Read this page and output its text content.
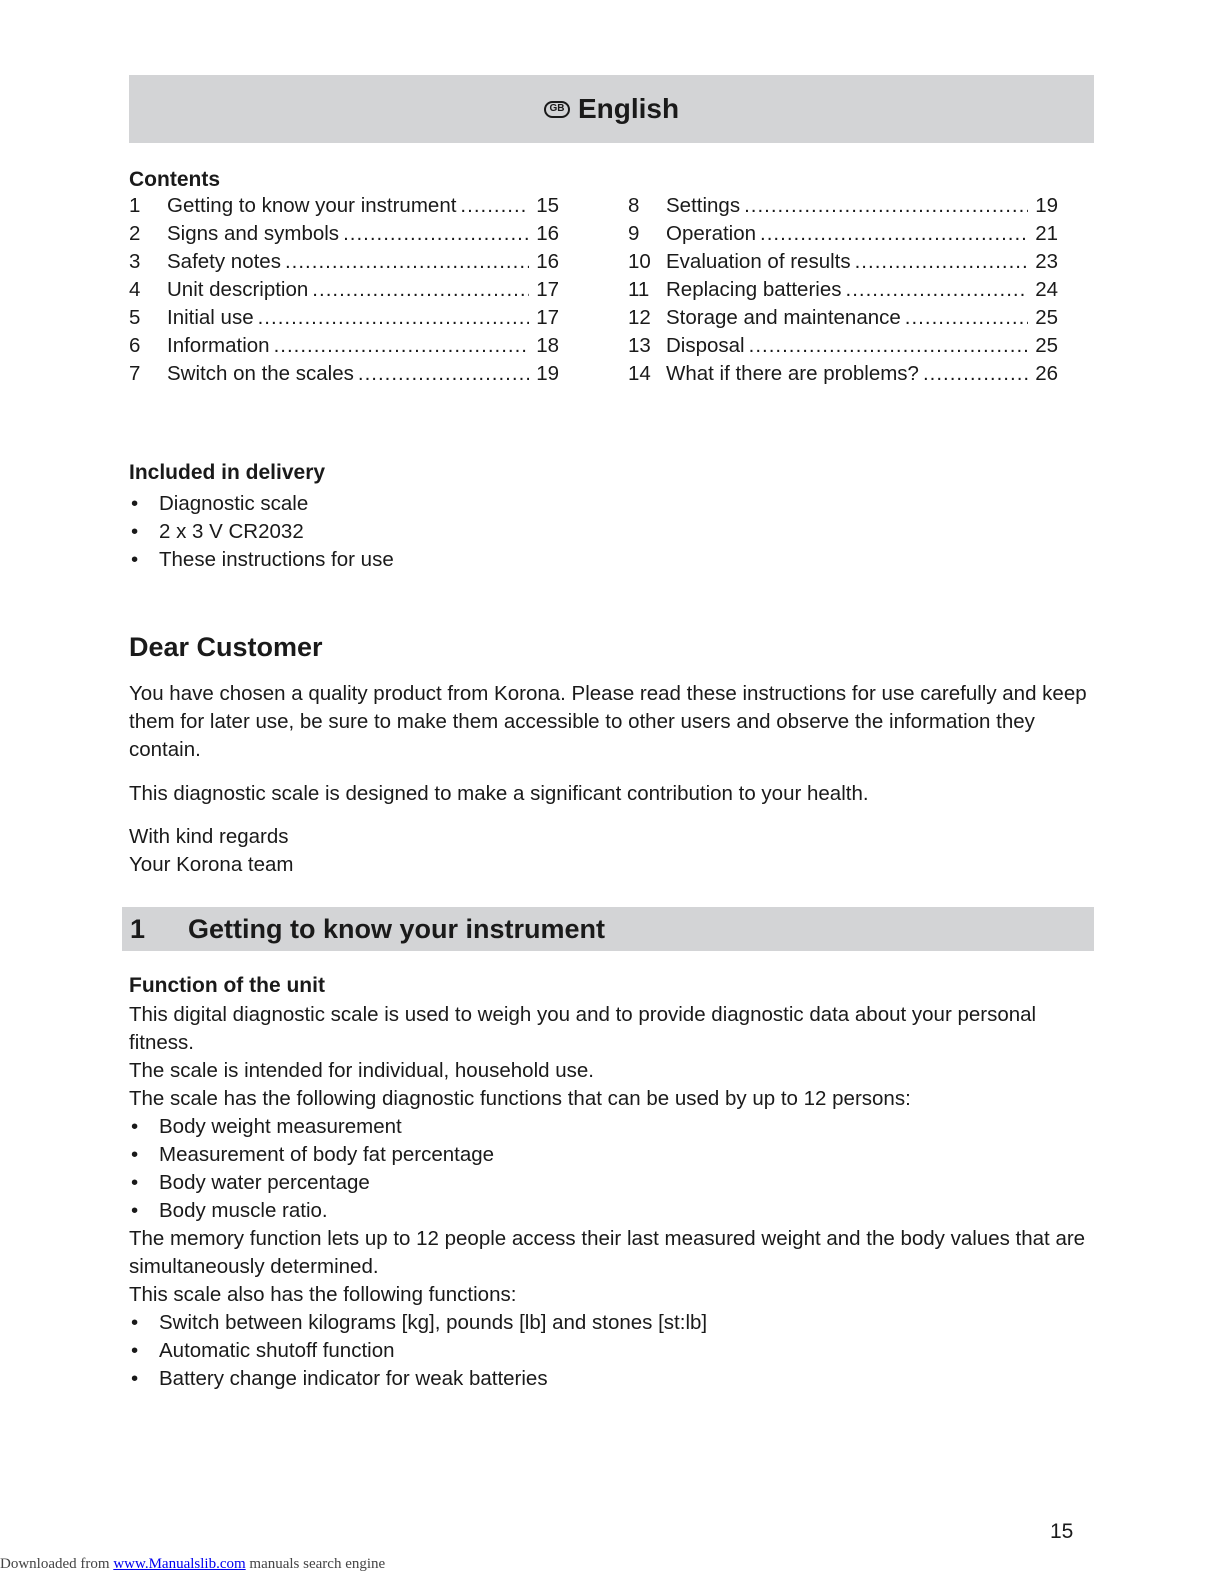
GB English
Contents
1	Getting to know your instrument .....	15
2	Signs and symbols .....	16
3	Safety notes .....	16
4	Unit description .....	17
5	Initial use .....	17
6	Information .....	18
7	Switch on the scales .....	19
8	Settings .....	19
9	Operation .....	21
10 Evaluation of results .....	23
11 Replacing batteries .....	24
12 Storage and maintenance .....	25
13 Disposal .....	25
14 What if there are problems? .....	26
Included in delivery
• Diagnostic scale
• 2 x 3 V CR2032
• These instructions for use
Dear Customer

You have chosen a quality product from Korona. Please read these instructions for use carefully and keep them for later use, be sure to make them accessible to other users and observe the information they contain.

This diagnostic scale is designed to make a significant contribution to your health.

With kind regards

Your Korona team

1	Getting to know your instrument
Function of the unit

This digital diagnostic scale is used to weigh you and to provide diagnostic data about your personal fitness.

The scale is intended for individual, household use.

The scale has the following diagnostic functions that can be used by up to 12 persons:

• Body weight measurement
• Measurement of body fat percentage
• Body water percentage
• Body muscle ratio.

The memory function lets up to 12 people access their last measured weight and the body values that are simultaneously determined.

This scale also has the following functions:

• Switch between kilograms [kg], pounds [lb] and stones [st:lb]
• Automatic shutoff function
• Battery change indicator for weak batteries
15
Downloaded from www.Manualslib.com manuals search engine
